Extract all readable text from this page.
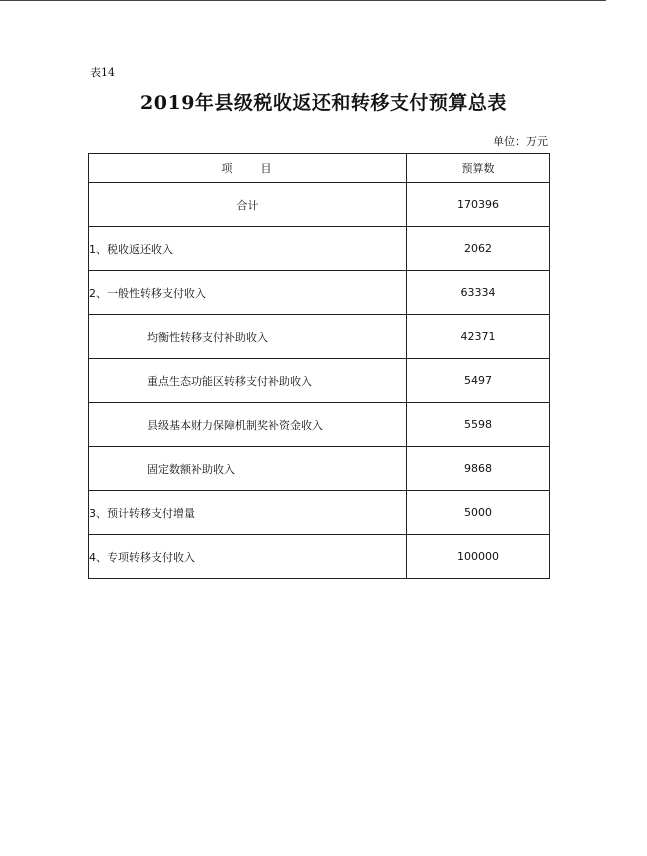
表14
2019年县级税收返还和转移支付预算总表
单位：万元
项　　目	预算数
合计	170396
1、税收返还收入	2062
2、一般性转移支付收入	63334
均衡性转移支付补助收入	42371
重点生态功能区转移支付补助收入	5497
县级基本财力保障机制奖补资金收入	5598
固定数额补助收入	9868
3、预计转移支付增量	5000
4、专项转移支付收入	100000
